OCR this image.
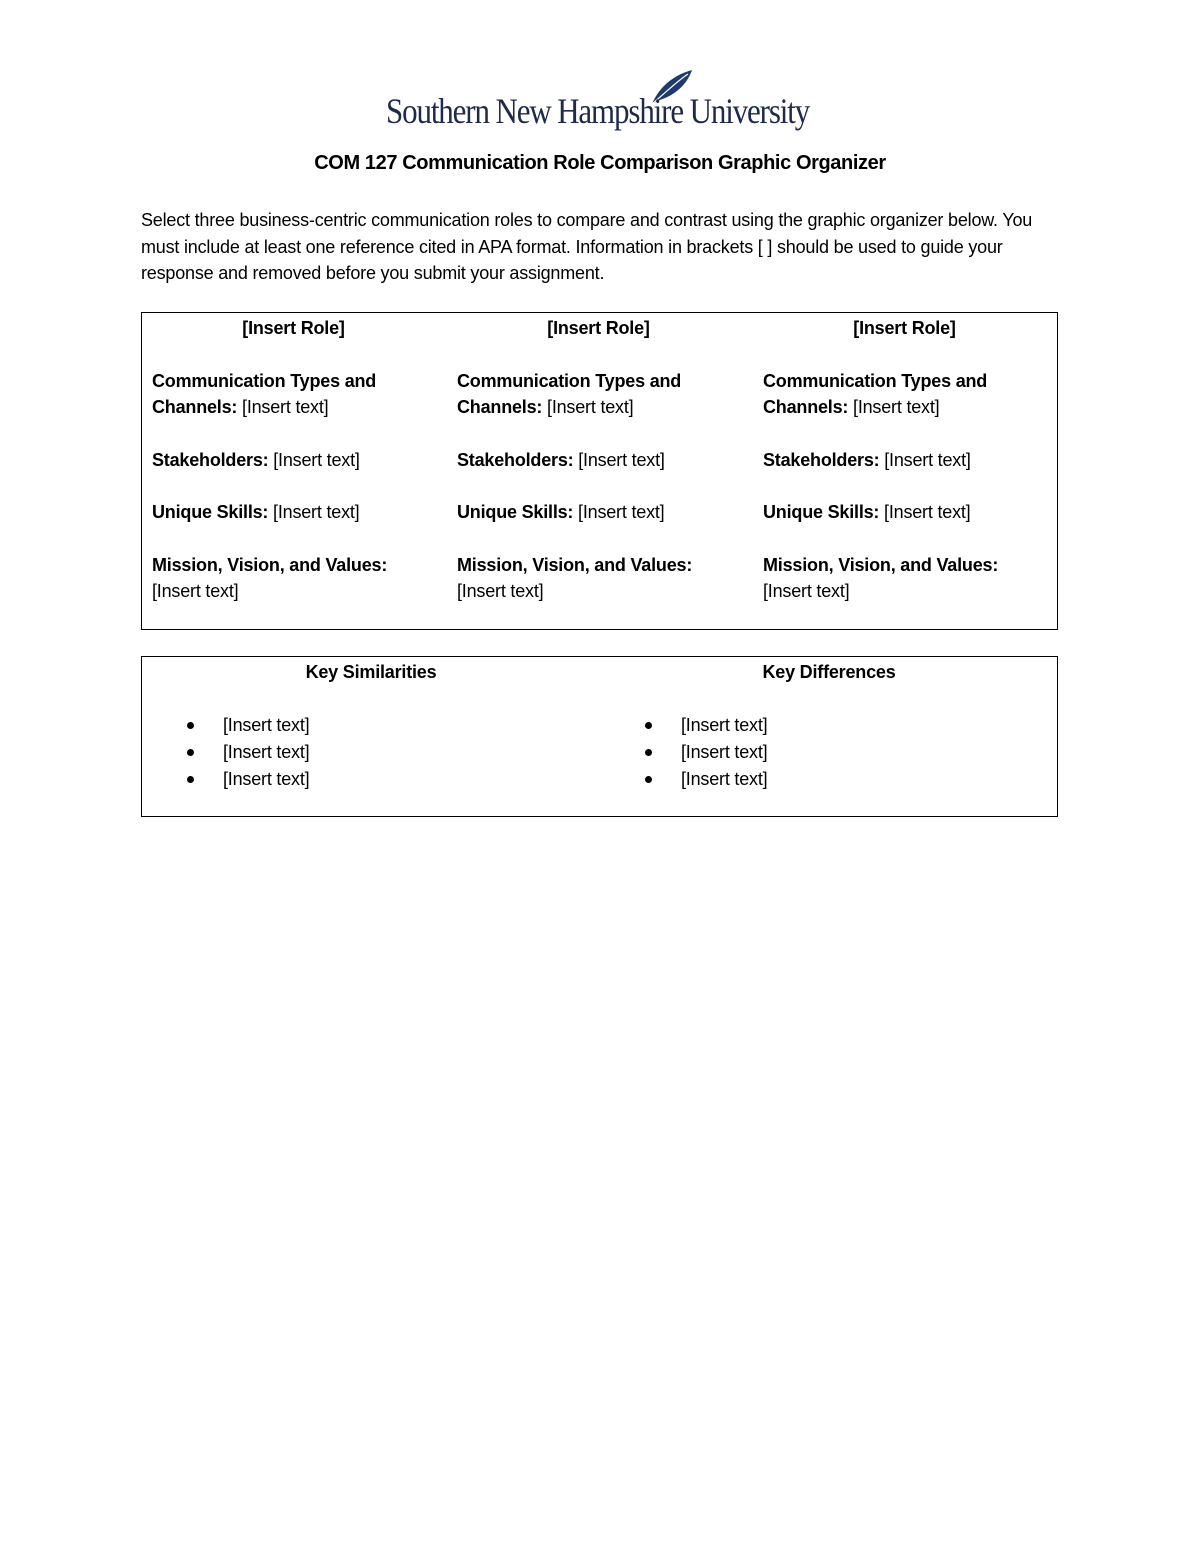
Southern New Hampshire University
COM 127 Communication Role Comparison Graphic Organizer
Select three business-centric communication roles to compare and contrast using the graphic organizer below. You must include at least one reference cited in APA format. Information in brackets [ ] should be used to guide your response and removed before you submit your assignment.
[Insert Role]
Communication Types and Channels: [Insert text]
Stakeholders: [Insert text]
Unique Skills: [Insert text]
Mission, Vision, and Values:
[Insert text]
[Insert Role]
Communication Types and Channels: [Insert text]
Stakeholders: [Insert text]
Unique Skills: [Insert text]
Mission, Vision, and Values:
[Insert text]
[Insert Role]
Communication Types and Channels: [Insert text]
Stakeholders: [Insert text]
Unique Skills: [Insert text]
Mission, Vision, and Values:
[Insert text]
Key Similarities
[Insert text]
[Insert text]
[Insert text]
Key Differences
[Insert text]
[Insert text]
[Insert text]
